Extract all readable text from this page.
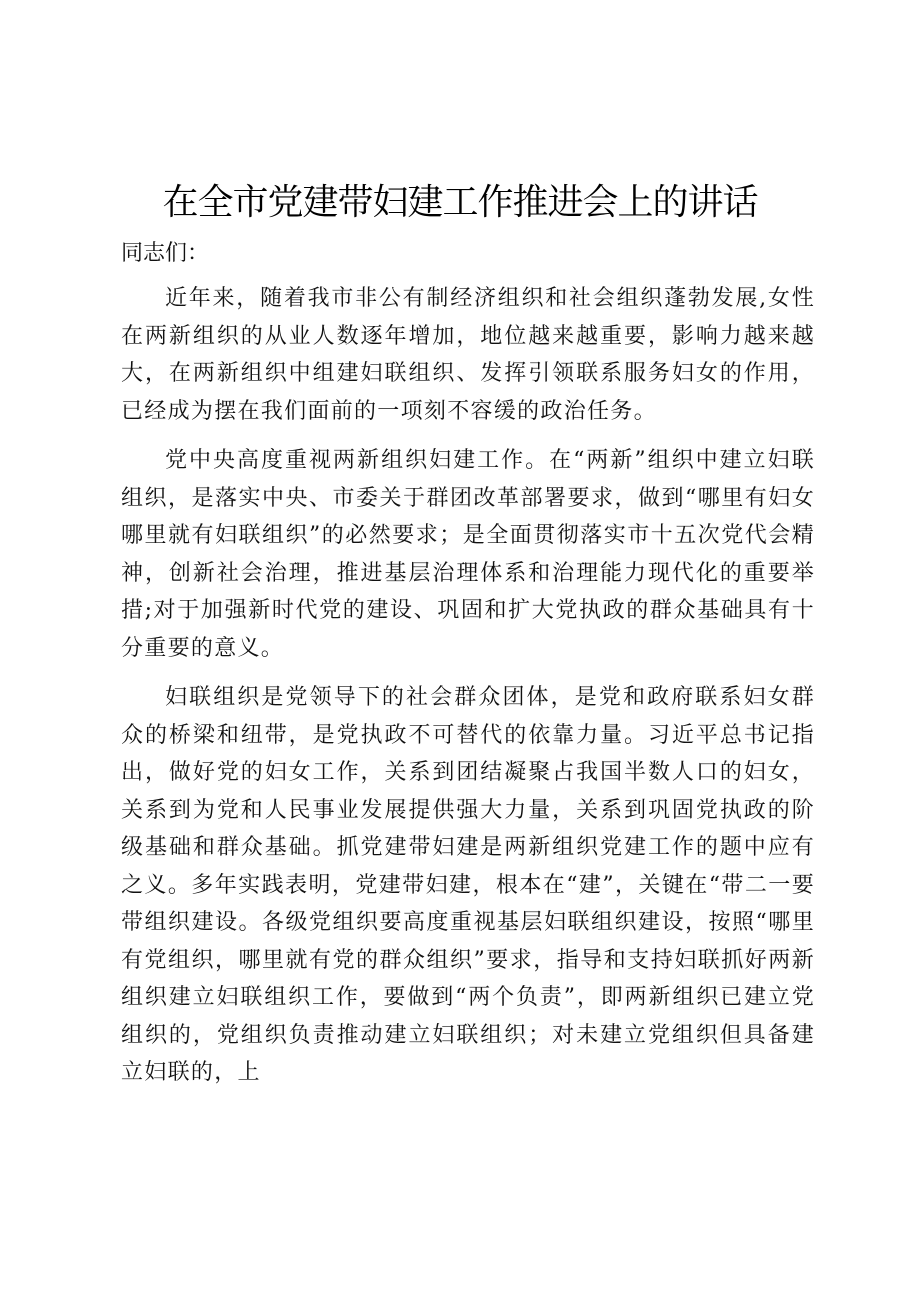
在全市党建带妇建工作推进会上的讲话

同志们：

近年来，随着我市非公有制经济组织和社会组织蓬勃发展,女性在两新组织的从业人数逐年增加，地位越来越重要，影响力越来越大，在两新组织中组建妇联组织、发挥引领联系服务妇女的作用，已经成为摆在我们面前的一项刻不容缓的政治任务。

党中央高度重视两新组织妇建工作。在“两新”组织中建立妇联组织，是落实中央、市委关于群团改革部署要求，做到“哪里有妇女哪里就有妇联组织”的必然要求；是全面贯彻落实市十五次党代会精神，创新社会治理，推进基层治理体系和治理能力现代化的重要举措;对于加强新时代党的建设、巩固和扩大党执政的群众基础具有十分重要的意义。

妇联组织是党领导下的社会群众团体，是党和政府联系妇女群众的桥梁和纽带，是党执政不可替代的依靠力量。习近平总书记指出，做好党的妇女工作，关系到团结凝聚占我国半数人口的妇女，关系到为党和人民事业发展提供强大力量，关系到巩固党执政的阶级基础和群众基础。抓党建带妇建是两新组织党建工作的题中应有之义。多年实践表明，党建带妇建，根本在“建”，关键在“带二一要带组织建设。各级党组织要高度重视基层妇联组织建设，按照“哪里有党组织，哪里就有党的群众组织”要求，指导和支持妇联抓好两新组织建立妇联组织工作，要做到“两个负责”，即两新组织已建立党组织的，党组织负责推动建立妇联组织；对未建立党组织但具备建立妇联的，上
